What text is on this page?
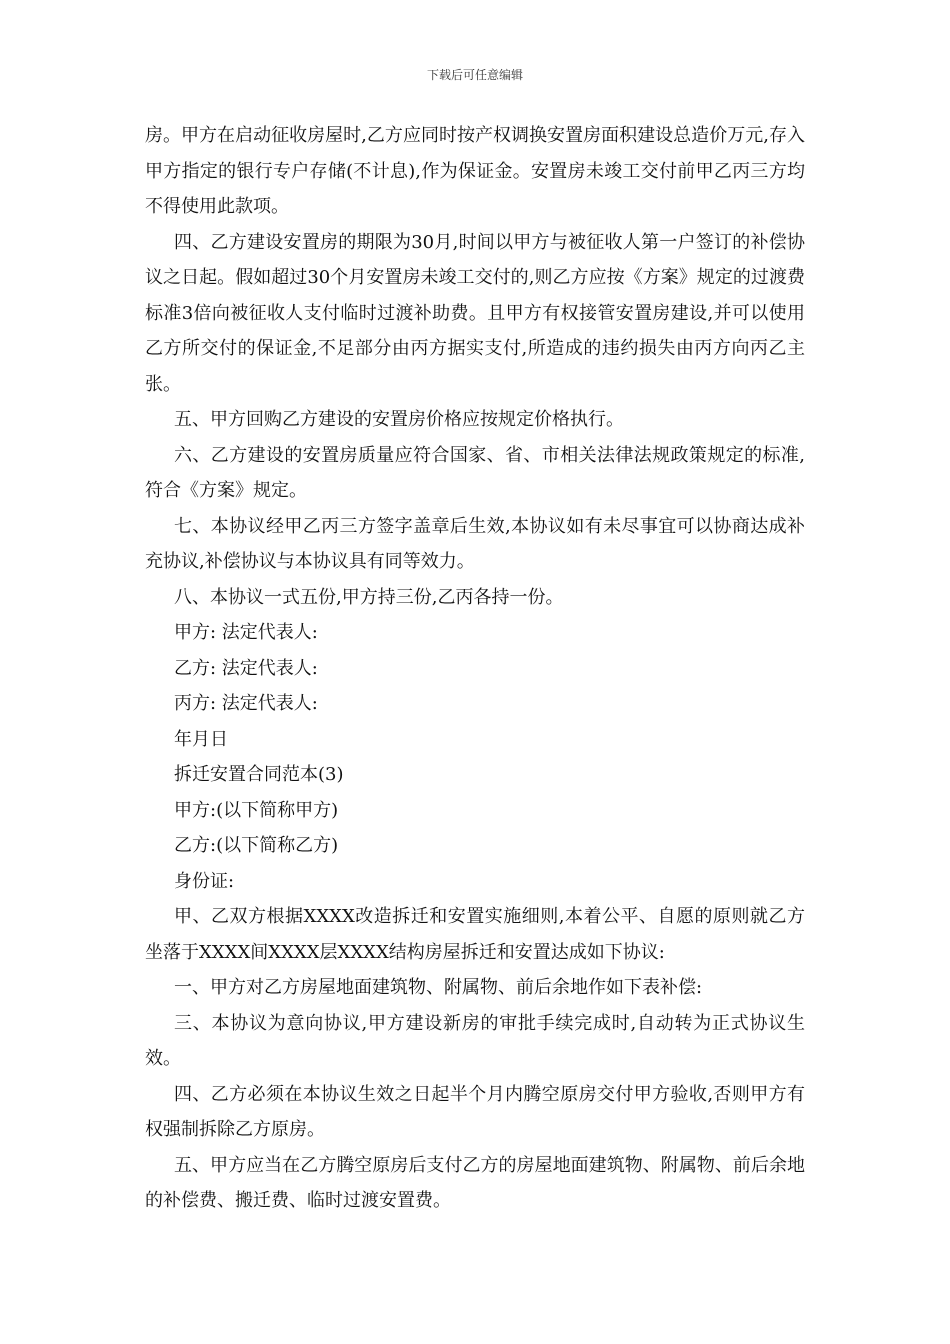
下载后可任意编辑

房。甲方在启动征收房屋时,乙方应同时按产权调换安置房面积建设总造价万元,存入甲方指定的银行专户存储(不计息),作为保证金。安置房未竣工交付前甲乙丙三方均不得使用此款项。

四、乙方建设安置房的期限为30月,时间以甲方与被征收人第一户签订的补偿协议之日起。假如超过30个月安置房未竣工交付的,则乙方应按《方案》规定的过渡费标准3倍向被征收人支付临时过渡补助费。且甲方有权接管安置房建设,并可以使用乙方所交付的保证金,不足部分由丙方据实支付,所造成的违约损失由丙方向丙乙主张。

五、甲方回购乙方建设的安置房价格应按规定价格执行。

六、乙方建设的安置房质量应符合国家、省、市相关法律法规政策规定的标准,符合《方案》规定。

七、本协议经甲乙丙三方签字盖章后生效,本协议如有未尽事宜可以协商达成补充协议,补偿协议与本协议具有同等效力。

八、本协议一式五份,甲方持三份,乙丙各持一份。

甲方: 法定代表人:

乙方: 法定代表人:

丙方: 法定代表人:

年月日

拆迁安置合同范本(3)

甲方:(以下简称甲方)

乙方:(以下简称乙方)

身份证:

甲、乙双方根据XXXX改造拆迁和安置实施细则,本着公平、自愿的原则就乙方坐落于XXXX间XXXX层XXXX结构房屋拆迁和安置达成如下协议:

一、甲方对乙方房屋地面建筑物、附属物、前后余地作如下表补偿:

三、本协议为意向协议,甲方建设新房的审批手续完成时,自动转为正式协议生效。

四、乙方必须在本协议生效之日起半个月内腾空原房交付甲方验收,否则甲方有权强制拆除乙方原房。

五、甲方应当在乙方腾空原房后支付乙方的房屋地面建筑物、附属物、前后余地的补偿费、搬迁费、临时过渡安置费。
